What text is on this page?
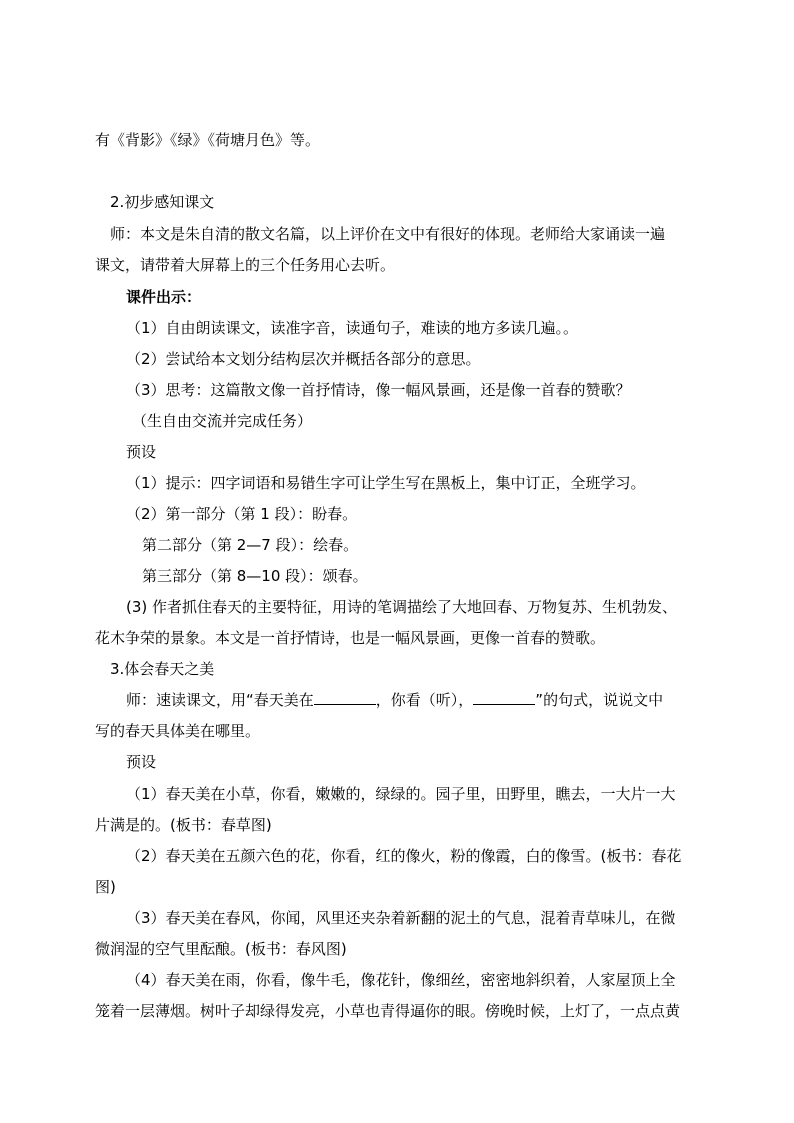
有《背影》《绿》《荷塘月色》等。

2.初步感知课文

师：本文是朱自清的散文名篇，以上评价在文中有很好的体现。老师给大家诵读一遍

课文，请带着大屏幕上的三个任务用心去听。

课件出示：

（1）自由朗读课文，读准字音，读通句子，难读的地方多读几遍。。

（2）尝试给本文划分结构层次并概括各部分的意思。

（3）思考：这篇散文像一首抒情诗，像一幅风景画，还是像一首春的赞歌？

（生自由交流并完成任务）

预设

（1）提示：四字词语和易错生字可让学生写在黑板上，集中订正，全班学习。

（2）第一部分（第 1 段）：盼春。

第二部分（第 2—7 段）：绘春。

第三部分（第 8—10 段）：颂春。

(3) 作者抓住春天的主要特征，用诗的笔调描绘了大地回春、万物复苏、生机勃发、

花木争荣的景象。本文是一首抒情诗，也是一幅风景画，更像一首春的赞歌。

3.体会春天之美

师：速读课文，用“春天美在	，你看（听），	”的句式，说说文中

写的春天具体美在哪里。

预设

（1）春天美在小草，你看，嫩嫩的，绿绿的。园子里，田野里，瞧去，一大片一大

片满是的。(板书：春草图)

（2）春天美在五颜六色的花，你看，红的像火，粉的像霞，白的像雪。(板书：春花

图)

（3）春天美在春风，你闻，风里还夹杂着新翻的泥土的气息，混着青草味儿，在微

微润湿的空气里酝酿。(板书：春风图)

（4）春天美在雨，你看，像牛毛，像花针，像细丝，密密地斜织着，人家屋顶上全

笼着一层薄烟。树叶子却绿得发亮，小草也青得逼你的眼。傍晚时候，上灯了，一点点黄
